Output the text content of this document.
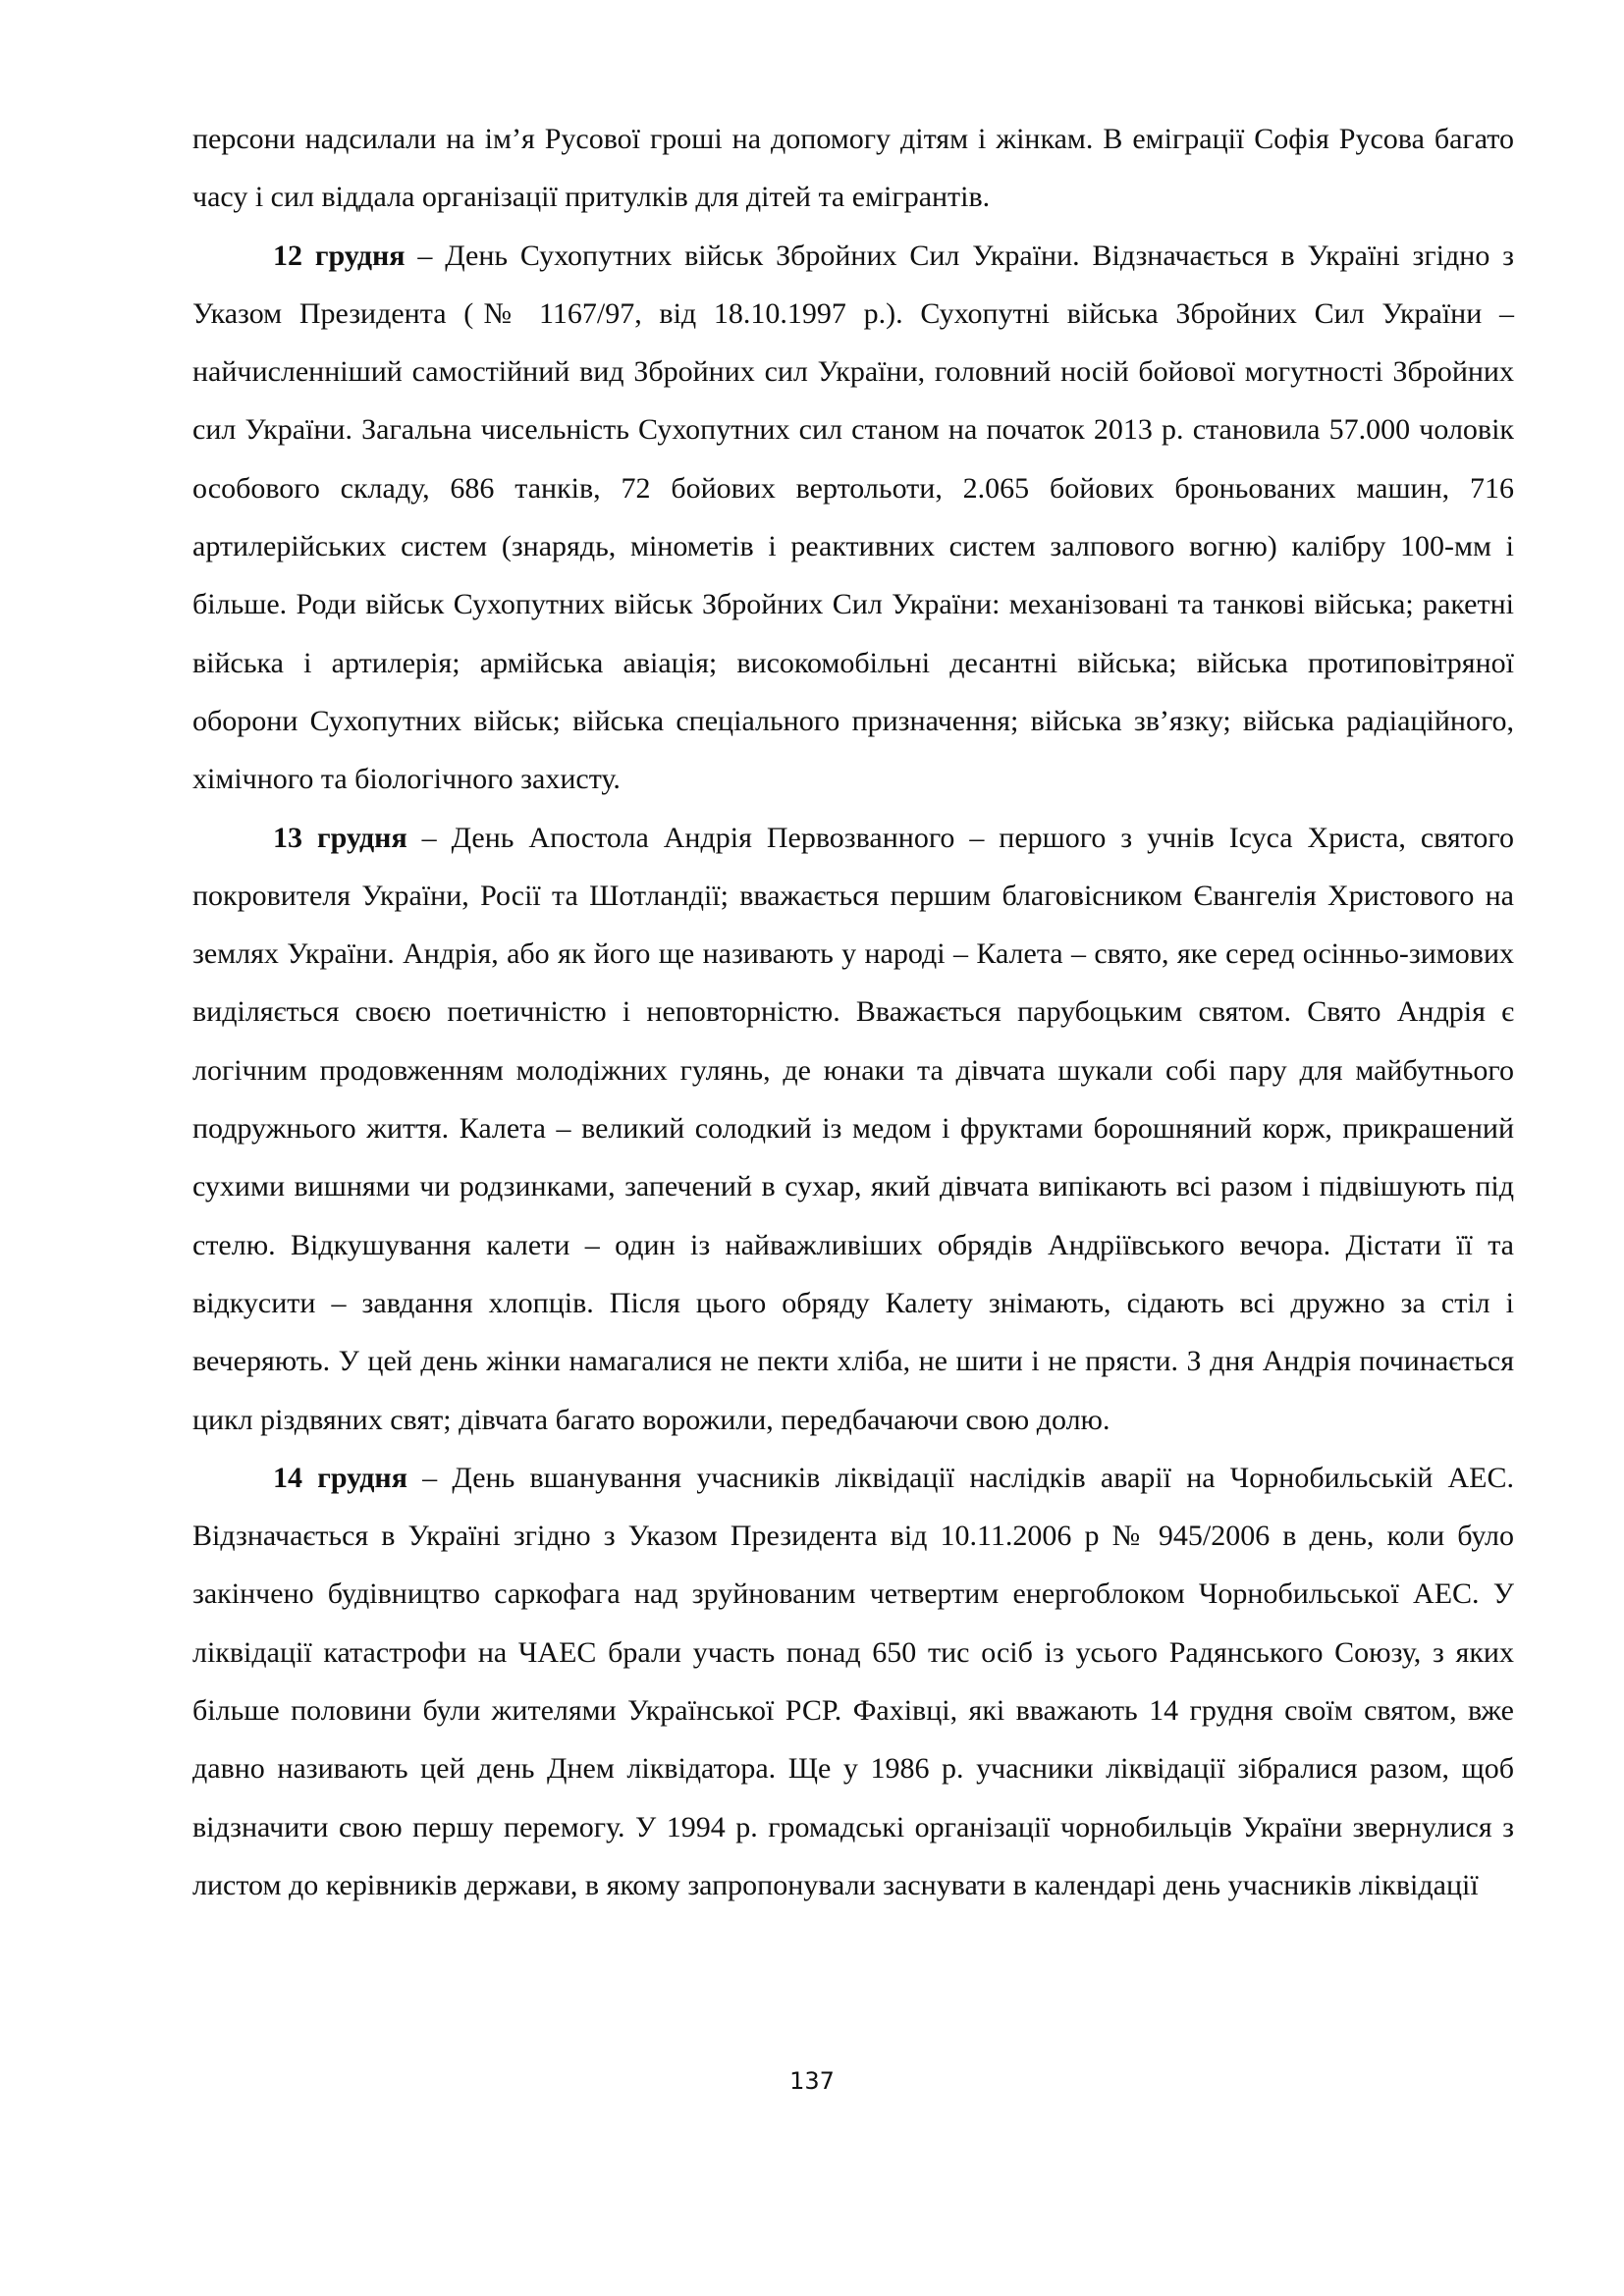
персони надсилали на ім’я Русової гроші на допомогу дітям і жінкам. В еміграції Софія Русова багато часу і сил віддала організації притулків для дітей та емігрантів.

12 грудня – День Сухопутних військ Збройних Сил України. Відзначається в Україні згідно з Указом Президента (№ 1167/97, від 18.10.1997 р.). Сухопутні війська Збройних Сил України – найчисленніший самостійний вид Збройних сил України, головний носій бойової могутності Збройних сил України. Загальна чисельність Сухопутних сил станом на початок 2013 р. становила 57.000 чоловік особового складу, 686 танків, 72 бойових вертольоти, 2.065 бойових броньованих машин, 716 артилерійських систем (знарядь, мінометів і реактивних систем залпового вогню) калібру 100-мм і більше. Роди військ Сухопутних військ Збройних Сил України: механізовані та танкові війська; ракетні війська і артилерія; армійська авіація; високомобільні десантні війська; війська протиповітряної оборони Сухопутних військ; війська спеціального призначення; війська зв’язку; війська радіаційного, хімічного та біологічного захисту.

13 грудня – День Апостола Андрія Первозванного – першого з учнів Ісуса Христа, святого покровителя України, Росії та Шотландії; вважається першим благовісником Євангелія Христового на землях України. Андрія, або як його ще називають у народі – Калета – свято, яке серед осінньо-зимових виділяється своєю поетичністю і неповторністю. Вважається парубоцьким святом. Свято Андрія є логічним продовженням молодіжних гулянь, де юнаки та дівчата шукали собі пару для майбутнього подружнього життя. Калета – великий солодкий із медом і фруктами борошняний корж, прикрашений сухими вишнями чи родзинками, запечений в сухар, який дівчата випікають всі разом і підвішують під стелю. Відкушування калети – один із найважливіших обрядів Андріївського вечора. Дістати її та відкусити – завдання хлопців. Після цього обряду Калету знімають, сідають всі дружно за стіл і вечеряють. У цей день жінки намагалися не пекти хліба, не шити і не прясти. З дня Андрія починається цикл різдвяних свят; дівчата багато ворожили, передбачаючи свою долю.

14 грудня – День вшанування учасників ліквідації наслідків аварії на Чорнобильській АЕС. Відзначається в Україні згідно з Указом Президента від 10.11.2006 р № 945/2006 в день, коли було закінчено будівництво саркофага над зруйнованим четвертим енергоблоком Чорнобильської АЕС. У ліквідації катастрофи на ЧАЕС брали участь понад 650 тис осіб із усього Радянського Союзу, з яких більше половини були жителями Української РСР. Фахівці, які вважають 14 грудня своїм святом, вже давно називають цей день Днем ліквідатора. Ще у 1986 р. учасники ліквідації зібралися разом, щоб відзначити свою першу перемогу. У 1994 р. громадські організації чорнобильців України звернулися з листом до керівників держави, в якому запропонували заснувати в календарі день учасників ліквідації

137
